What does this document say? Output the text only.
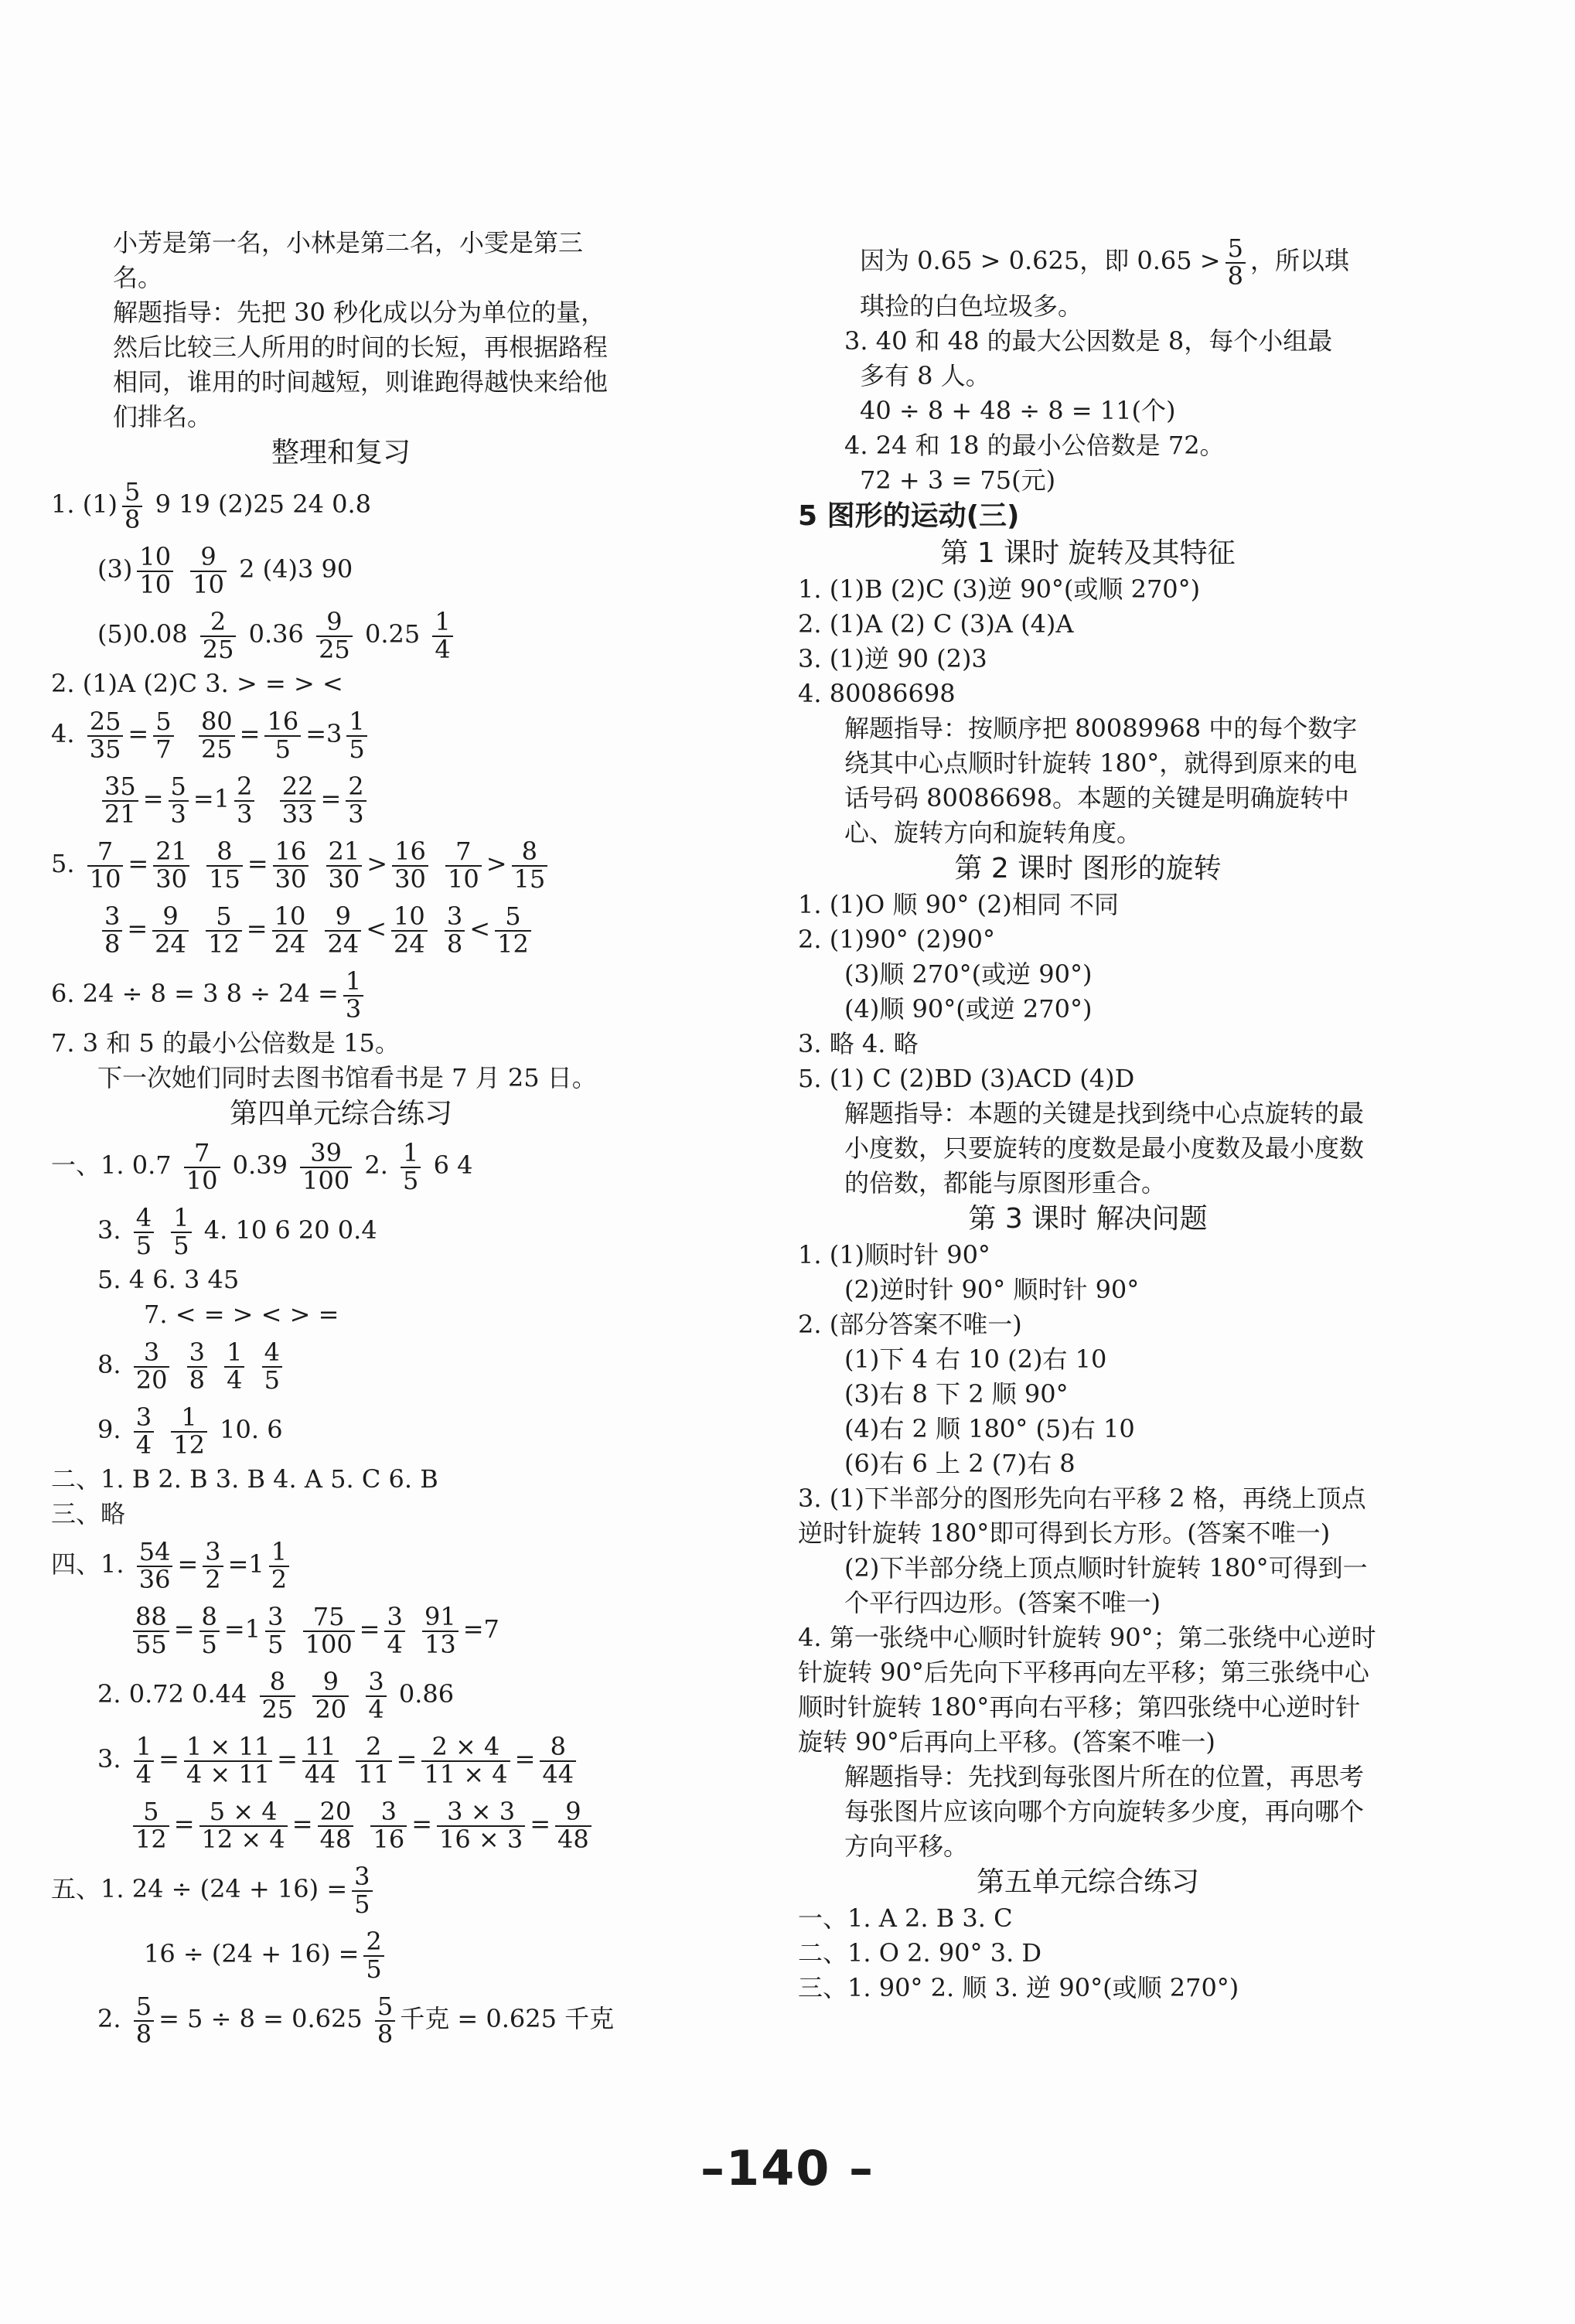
小芳是第一名，小林是第二名，小雯是第三名。
解题指导：先把 30 秒化成以分为单位的量，然后比较三人所用的时间的长短，再根据路程相同，谁用的时间越短，则谁跑得越快来给他们排名。
整理和复习
1. $(1) \frac{5}{8} 9$ 19 (2)25 24 0.8
$(3) \frac{10}{10}$
$\frac{9}{10} 2$ (4)3 90
$(5)0.08 \frac{2}{25} 0.36 \frac{9}{25} 0.25 \frac{1}{4}$
2. (1)A (2)C 3. > = > <
4. $\frac{25}{35} = \frac{5}{7}$
$\frac{80}{25} = \frac{16}{5} =3 \frac{1}{5}$
$\frac{35}{21} = \frac{5}{3} =1 \frac{2}{3}$
$\frac{22}{33} = \frac{2}{3}$
5. $\frac{7}{10} = \frac{21}{30}$
$\frac{8}{15} = \frac{16}{30}$
$\frac{21}{30} > \frac{16}{30}$
$\frac{7}{10} > \frac{8}{15}$
$\frac{3}{8} = \frac{9}{24}$
$\frac{5}{12} = \frac{10}{24}$
$\frac{9}{24} < \frac{10}{24}$
$\frac{3}{8} < \frac{5}{12}$
6. 24 ÷ 8 = 3 $8 \div 24 = \frac{1}{3}$
7. 3 和 5 的最小公倍数是 15。
下一次她们同时去图书馆看书是 7 月 25 日。
第四单元综合练习
一、1. $0.7 \frac{7}{10} 0.39 \frac{39}{100} 2$. $\frac{1}{5} 6$ 4
3. $\frac{4}{5}$
$\frac{1}{5} 4$. 10 6 20 0.4
5. 4 6. 3 45
7. < = > < > =
8. $\frac{3}{20}$
$\frac{3}{8}$
$\frac{1}{4}$
$\frac{4}{5}$
9. $\frac{3}{4}$
$\frac{1}{12} 10$. 6
二、1. B 2. B 3. B 4. A 5. C 6. B
三、略
四、1. $\frac{54}{36} = \frac{3}{2} =1 \frac{1}{2}$
$\frac{88}{55} = \frac{8}{5} =1 \frac{3}{5}$
$\frac{75}{100} = \frac{3}{4}$
$\frac{91}{13} =7$
2. 0.72 $0.44 \frac{8}{25}$
$\frac{9}{20}$
$\frac{3}{4} 0.86$
3. $\frac{1}{4} = \frac{1 \times 11}{4 \times 11} = \frac{11}{44}$
$\frac{2}{11} = \frac{2 \times 4}{11 \times 4} = \frac{8}{44}$
$\frac{5}{12} = \frac{5 \times 4}{12 \times 4} = \frac{20}{48}$
$\frac{3}{16} = \frac{3 \times 3}{16 \times 3} = \frac{9}{48}$
五、1. $24 \div (24 + 16) = \frac{3}{5}$
$16 \div (24 + 16) = \frac{2}{5}$
2. $\frac{5}{8} = 5 \div 8 = 0.625 \frac{5}{8}$ 千克 = 0.625 千克
因为 0.65 > 0.625，即 $0.65 > \frac{5}{8}$ ，所以琪
琪捡的白色垃圾多。
3. 40 和 48 的最大公因数是 8，每个小组最
多有 8 人。
40 ÷ 8 + 48 ÷ 8 = 11(个)
4. 24 和 18 的最小公倍数是 72。
72 + 3 = 75(元)
5 图形的运动(三)
第 1 课时 旋转及其特征
1. (1)B (2)C (3)逆 90°(或顺 270°)
2. (1)A (2) C (3)A (4)A
3. (1)逆 90 (2)3
4. 80086698
解题指导：按顺序把 80089968 中的每个数字绕其中心点顺时针旋转 180°，就得到原来的电话号码 80086698。本题的关键是明确旋转中心、旋转方向和旋转角度。
第 2 课时 图形的旋转
1. (1)O 顺 90° (2)相同 不同
2. (1)90° (2)90°
(3)顺 270°(或逆 90°)
(4)顺 90°(或逆 270°)
3. 略 4. 略
5. (1) C (2)BD (3)ACD (4)D
解题指导：本题的关键是找到绕中心点旋转的最小度数，只要旋转的度数是最小度数及最小度数的倍数，都能与原图形重合。
第 3 课时 解决问题
1. (1)顺时针 90°
(2)逆时针 90° 顺时针 90°
2. (部分答案不唯一)
(1)下 4 右 10 (2)右 10
(3)右 8 下 2 顺 90°
(4)右 2 顺 180° (5)右 10
(6)右 6 上 2 (7)右 8
3. (1)下半部分的图形先向右平移 2 格，再绕上顶点逆时针旋转 180°即可得到长方形。(答案不唯一)
(2)下半部分绕上顶点顺时针旋转 180°可得到一个平行四边形。(答案不唯一)
4. 第一张绕中心顺时针旋转 90°；第二张绕中心逆时针旋转 90°后先向下平移再向左平移；第三张绕中心顺时针旋转 180°再向右平移；第四张绕中心逆时针旋转 90°后再向上平移。(答案不唯一)
解题指导：先找到每张图片所在的位置，再思考每张图片应该向哪个方向旋转多少度，再向哪个方向平移。
第五单元综合练习
一、1. A 2. B 3. C
二、1. O 2. 90° 3. D
三、1. 90° 2. 顺 3. 逆 90°(或顺 270°)
–140 –
